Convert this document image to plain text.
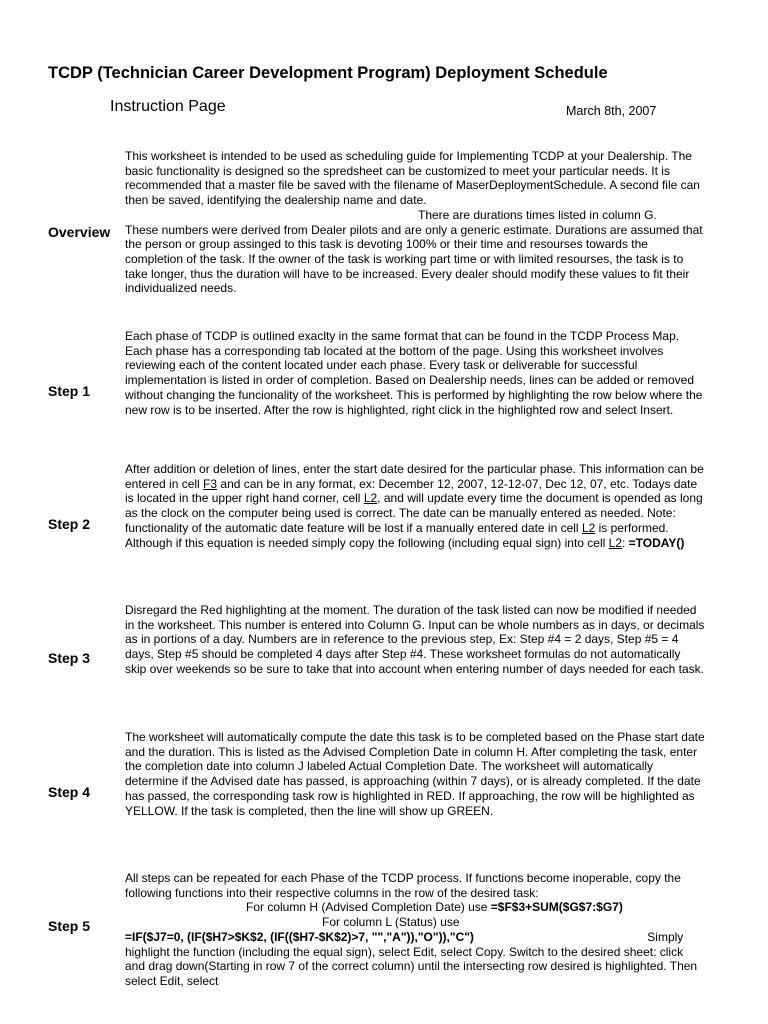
TCDP (Technician Career Development Program) Deployment Schedule
Instruction Page	March 8th, 2007
Overview
This worksheet is intended to be used as scheduling guide for Implementing TCDP at your Dealership. The basic functionality is designed so the spredsheet can be customized to meet your particular needs. It is recommended that a master file be saved with the filename of MaserDeploymentSchedule. A second file can then be saved, identifying the dealership name and date.
There are durations times listed in column G.
These numbers were derived from Dealer pilots and are only a generic estimate. Durations are assumed that the person or group assinged to this task is devoting 100% or their time and resourses towards the completion of the task. If the owner of the task is working part time or with limited resourses, the task is to take longer, thus the duration will have to be increased. Every dealer should modify these values to fit their individualized needs.
Step 1
Each phase of TCDP is outlined exaclty in the same format that can be found in the TCDP Process Map. Each phase has a corresponding tab located at the bottom of the page. Using this worksheet involves reviewing each of the content located under each phase. Every task or deliverable for successful implementation is listed in order of completion. Based on Dealership needs, lines can be added or removed without changing the funcionality of the worksheet. This is performed by highlighting the row below where the new row is to be inserted. After the row is highlighted, right click in the highlighted row and select Insert.
Step 2
After addition or deletion of lines, enter the start date desired for the particular phase. This information can be entered in cell F3 and can be in any format, ex: December 12, 2007, 12-12-07, Dec 12, 07, etc. Todays date is located in the upper right hand corner, cell L2, and will update every time the document is opended as long as the clock on the computer being used is correct. The date can be manually entered as needed. Note: functionality of the automatic date feature will be lost if a manually entered date in cell L2 is performed. Although if this equation is needed simply copy the following (including equal sign) into cell L2: =TODAY()
Step 3
Disregard the Red highlighting at the moment. The duration of the task listed can now be modified if needed in the worksheet. This number is entered into Column G. Input can be whole numbers as in days, or decimals as in portions of a day. Numbers are in reference to the previous step, Ex: Step #4 = 2 days, Step #5 = 4 days, Step #5 should be completed 4 days after Step #4. These worksheet formulas do not automatically skip over weekends so be sure to take that into account when entering number of days needed for each task.
Step 4
The worksheet will automatically compute the date this task is to be completed based on the Phase start date and the duration. This is listed as the Advised Completion Date in column H. After completing the task, enter the completion date into column J labeled Actual Completion Date. The worksheet will automatically determine if the Advised date has passed, is approaching (within 7 days), or is already completed. If the date has passed, the corresponding task row is highlighted in RED. If approaching, the row will be highlighted as YELLOW. If the task is completed, then the line will show up GREEN.
Step 5
All steps can be repeated for each Phase of the TCDP process. If functions become inoperable, copy the following functions into their respective columns in the row of the desired task:
For column H (Advised Completion Date) use =$F$3+SUM($G$7:$G7)
For column L (Status) use
=IF($J7=0, (IF($H7>$K$2, (IF(($H7-$K$2)>7, "","A")),"O")),"C")	Simply highlight the function (including the equal sign), select Edit, select Copy. Switch to the desired sheet: click and drag down(Starting in row 7 of the correct column) until the intersecting row desired is highlighted. Then select Edit, select
